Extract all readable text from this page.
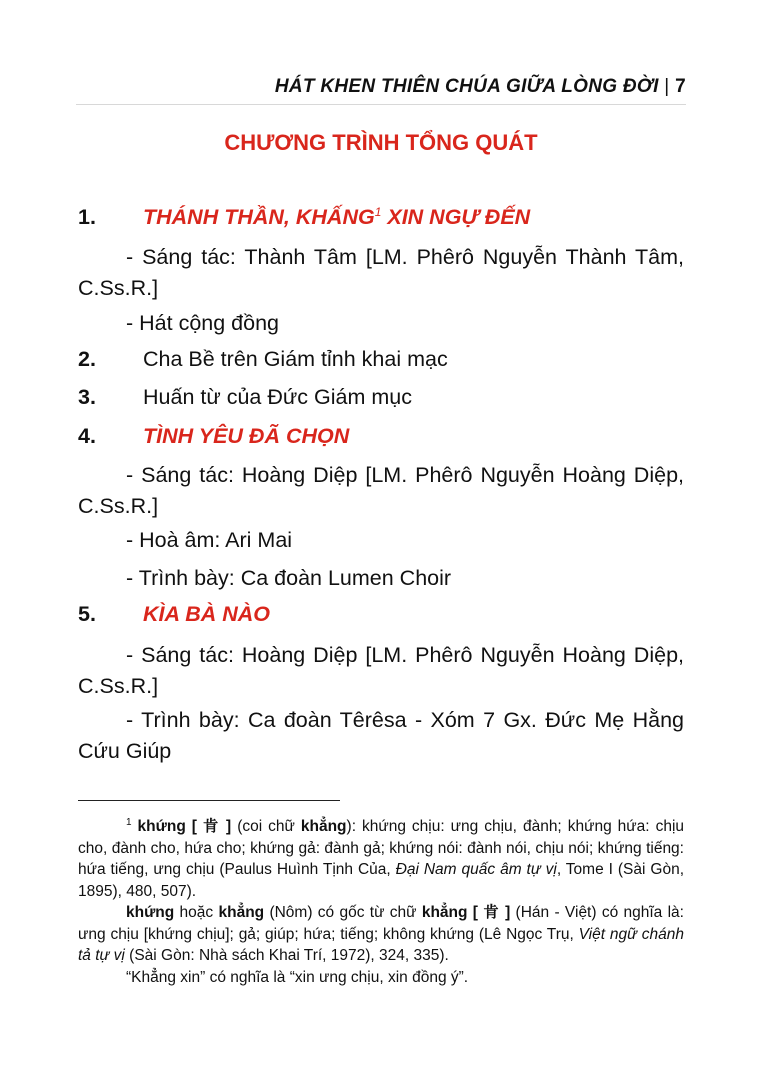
HÁT KHEN THIÊN CHÚA GIỮA LÒNG ĐỜI | 7
CHƯƠNG TRÌNH TỔNG QUÁT
1. THÁNH THẦN, KHẤNG$^1$ XIN NGỰ ĐẾN
- Sáng tác: Thành Tâm [LM. Phêrô Nguyễn Thành Tâm, C.Ss.R.]
- Hát cộng đồng
2. Cha Bề trên Giám tỉnh khai mạc
3. Huấn từ của Đức Giám mục
4. TÌNH YÊU ĐÃ CHỌN
- Sáng tác: Hoàng Diệp [LM. Phêrô Nguyễn Hoàng Diệp, C.Ss.R.]
- Hoà âm: Ari Mai
- Trình bày: Ca đoàn Lumen Choir
5. KÌA BÀ NÀO
- Sáng tác: Hoàng Diệp [LM. Phêrô Nguyễn Hoàng Diệp, C.Ss.R.]
- Trình bày: Ca đoàn Têrêsa - Xóm 7 Gx. Đức Mẹ Hằng Cứu Giúp

$^1$ khứng [ 肯 ] (coi chữ khẳng): khứng chịu: ưng chịu, đành; khứng hứa: chịu cho, đành cho, hứa cho; khứng gả: đành gả; khứng nói: đành nói, chịu nói; khứng tiếng: hứa tiếng, ưng chịu (Paulus Huình Tịnh Của, Đại Nam quấc âm tự vị, Tome I (Sài Gòn, 1895), 480, 507).

khứng hoặc khẳng (Nôm) có gốc từ chữ khẳng [ 肯 ] (Hán - Việt) có nghĩa là: ưng chịu [khứng chịu]; gả; giúp; hứa; tiếng; không khứng (Lê Ngọc Trụ, Việt ngữ chánh tả tự vị (Sài Gòn: Nhà sách Khai Trí, 1972), 324, 335).

“Khẳng xin” có nghĩa là “xin ưng chịu, xin đồng ý”.
